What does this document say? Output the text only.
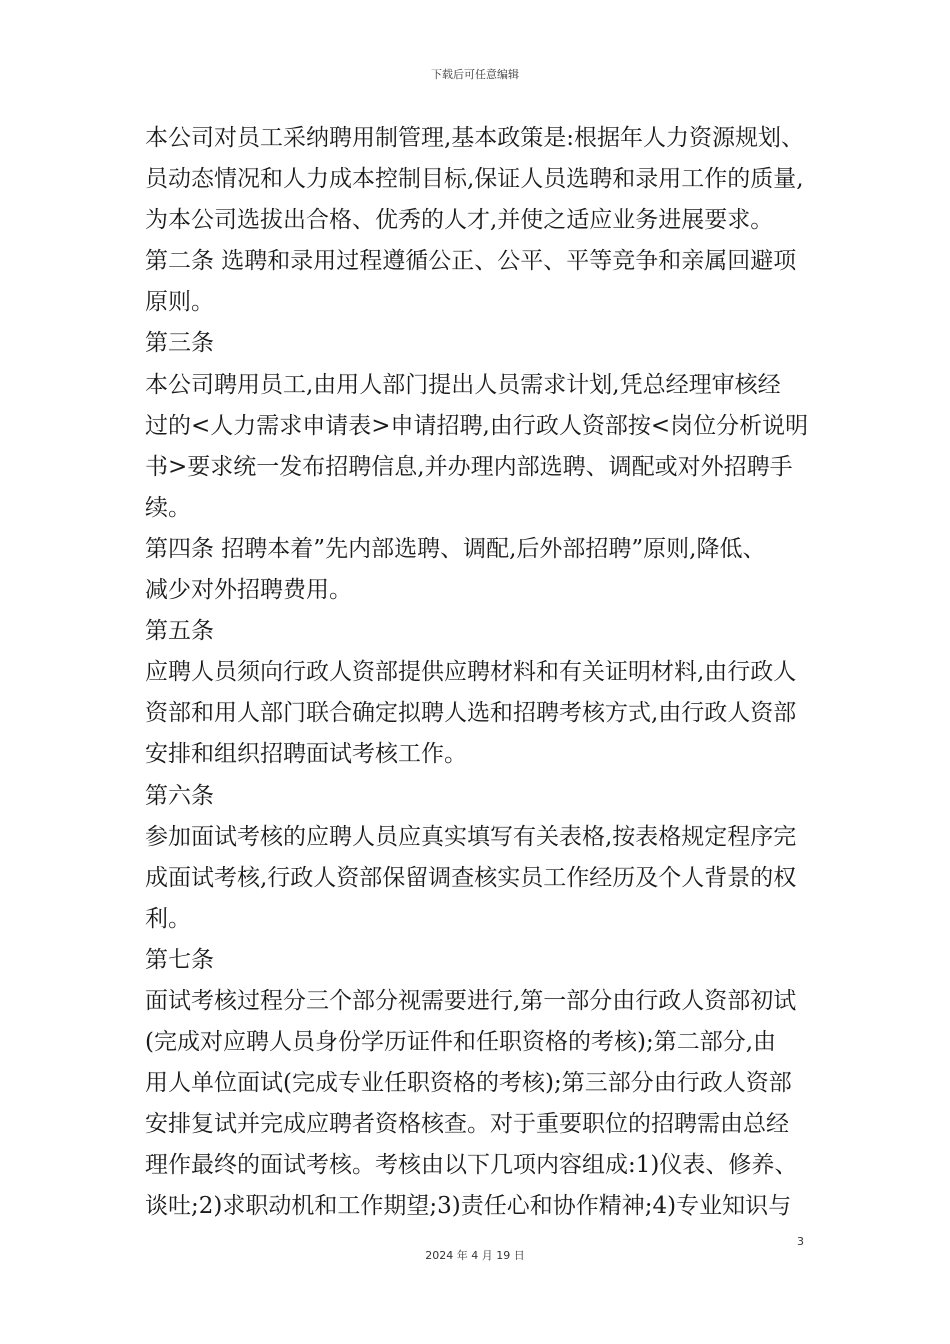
下载后可任意编辑
本公司对员工采纳聘用制管理,基本政策是:根据年人力资源规划、
员动态情况和人力成本控制目标,保证人员选聘和录用工作的质量,
为本公司选拔出合格、优秀的人才,并使之适应业务进展要求。
第二条 选聘和录用过程遵循公正、公平、平等竞争和亲属回避项
原则。
第三条
本公司聘用员工,由用人部门提出人员需求计划,凭总经理审核经
过的<人力需求申请表>申请招聘,由行政人资部按<岗位分析说明
书>要求统一发布招聘信息,并办理内部选聘、调配或对外招聘手
续。
第四条 招聘本着”先内部选聘、调配,后外部招聘”原则,降低、
减少对外招聘费用。
第五条
应聘人员须向行政人资部提供应聘材料和有关证明材料,由行政人
资部和用人部门联合确定拟聘人选和招聘考核方式,由行政人资部
安排和组织招聘面试考核工作。
第六条
参加面试考核的应聘人员应真实填写有关表格,按表格规定程序完
成面试考核,行政人资部保留调查核实员工作经历及个人背景的权
利。
第七条
面试考核过程分三个部分视需要进行,第一部分由行政人资部初试
(完成对应聘人员身份学历证件和任职资格的考核);第二部分,由
用人单位面试(完成专业任职资格的考核);第三部分由行政人资部
安排复试并完成应聘者资格核查。对于重要职位的招聘需由总经
理作最终的面试考核。考核由以下几项内容组成:1)仪表、修养、
谈吐;2)求职动机和工作期望;3)责任心和协作精神;4)专业知识与
3
2024 年 4 月 19 日
